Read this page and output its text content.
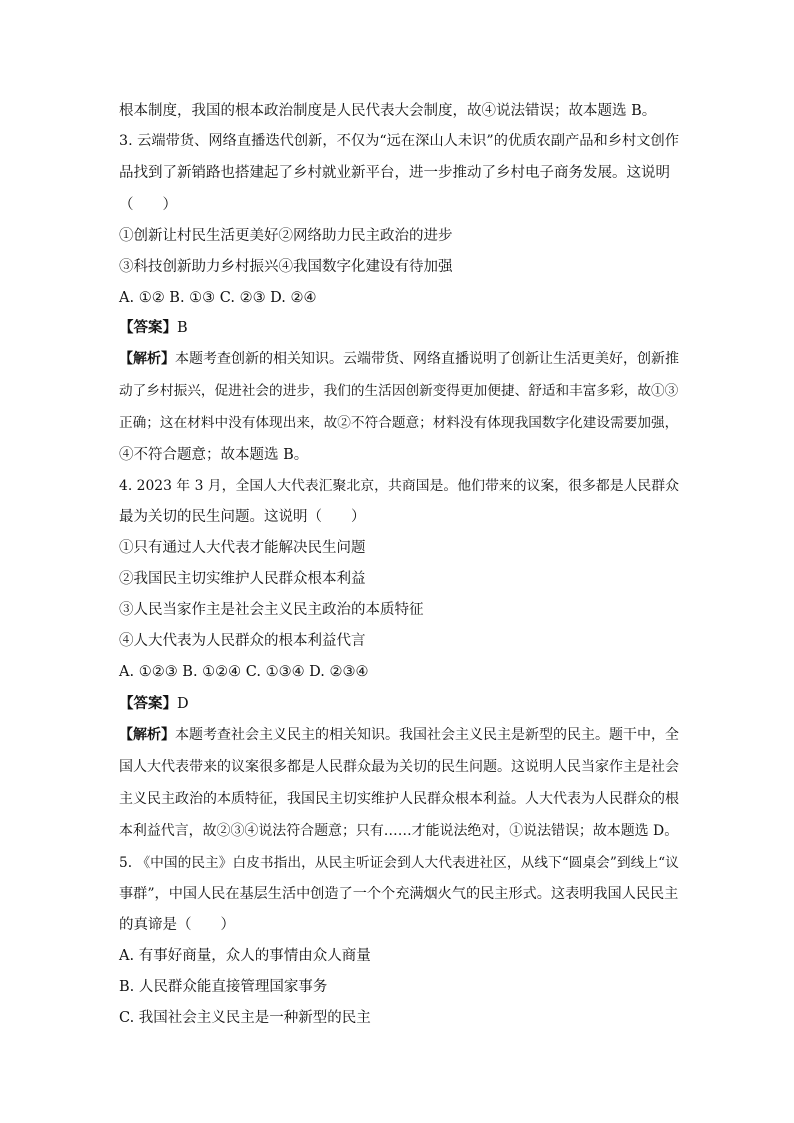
根本制度，我国的根本政治制度是人民代表大会制度，故④说法错误；故本题选 B。
3. 云端带货、网络直播迭代创新，不仅为“远在深山人未识”的优质农副产品和乡村文创作
品找到了新销路也搭建起了乡村就业新平台，进一步推动了乡村电子商务发展。这说明
（　　）
①创新让村民生活更美好②网络助力民主政治的进步
③科技创新助力乡村振兴④我国数字化建设有待加强
A. ①② B. ①③ C. ②③ D. ②④
【答案】B
【解析】本题考查创新的相关知识。云端带货、网络直播说明了创新让生活更美好，创新推
动了乡村振兴，促进社会的进步，我们的生活因创新变得更加便捷、舒适和丰富多彩，故①③
正确；这在材料中没有体现出来，故②不符合题意；材料没有体现我国数字化建设需要加强，
④不符合题意；故本题选 B。
4. 2023 年 3 月，全国人大代表汇聚北京，共商国是。他们带来的议案，很多都是人民群众
最为关切的民生问题。这说明（　　）
①只有通过人大代表才能解决民生问题
②我国民主切实维护人民群众根本利益
③人民当家作主是社会主义民主政治的本质特征
④人大代表为人民群众的根本利益代言
A. ①②③ B. ①②④ C. ①③④ D. ②③④
【答案】D
【解析】本题考查社会主义民主的相关知识。我国社会主义民主是新型的民主。题干中，全
国人大代表带来的议案很多都是人民群众最为关切的民生问题。这说明人民当家作主是社会
主义民主政治的本质特征，我国民主切实维护人民群众根本利益。人大代表为人民群众的根
本利益代言，故②③④说法符合题意；只有……才能说法绝对，①说法错误；故本题选 D。
5. 《中国的民主》白皮书指出，从民主听证会到人大代表进社区，从线下“圆桌会”到线上“议
事群”，中国人民在基层生活中创造了一个个充满烟火气的民主形式。这表明我国人民民主
的真谛是（　　）
A. 有事好商量，众人的事情由众人商量
B. 人民群众能直接管理国家事务
C. 我国社会主义民主是一种新型的民主
